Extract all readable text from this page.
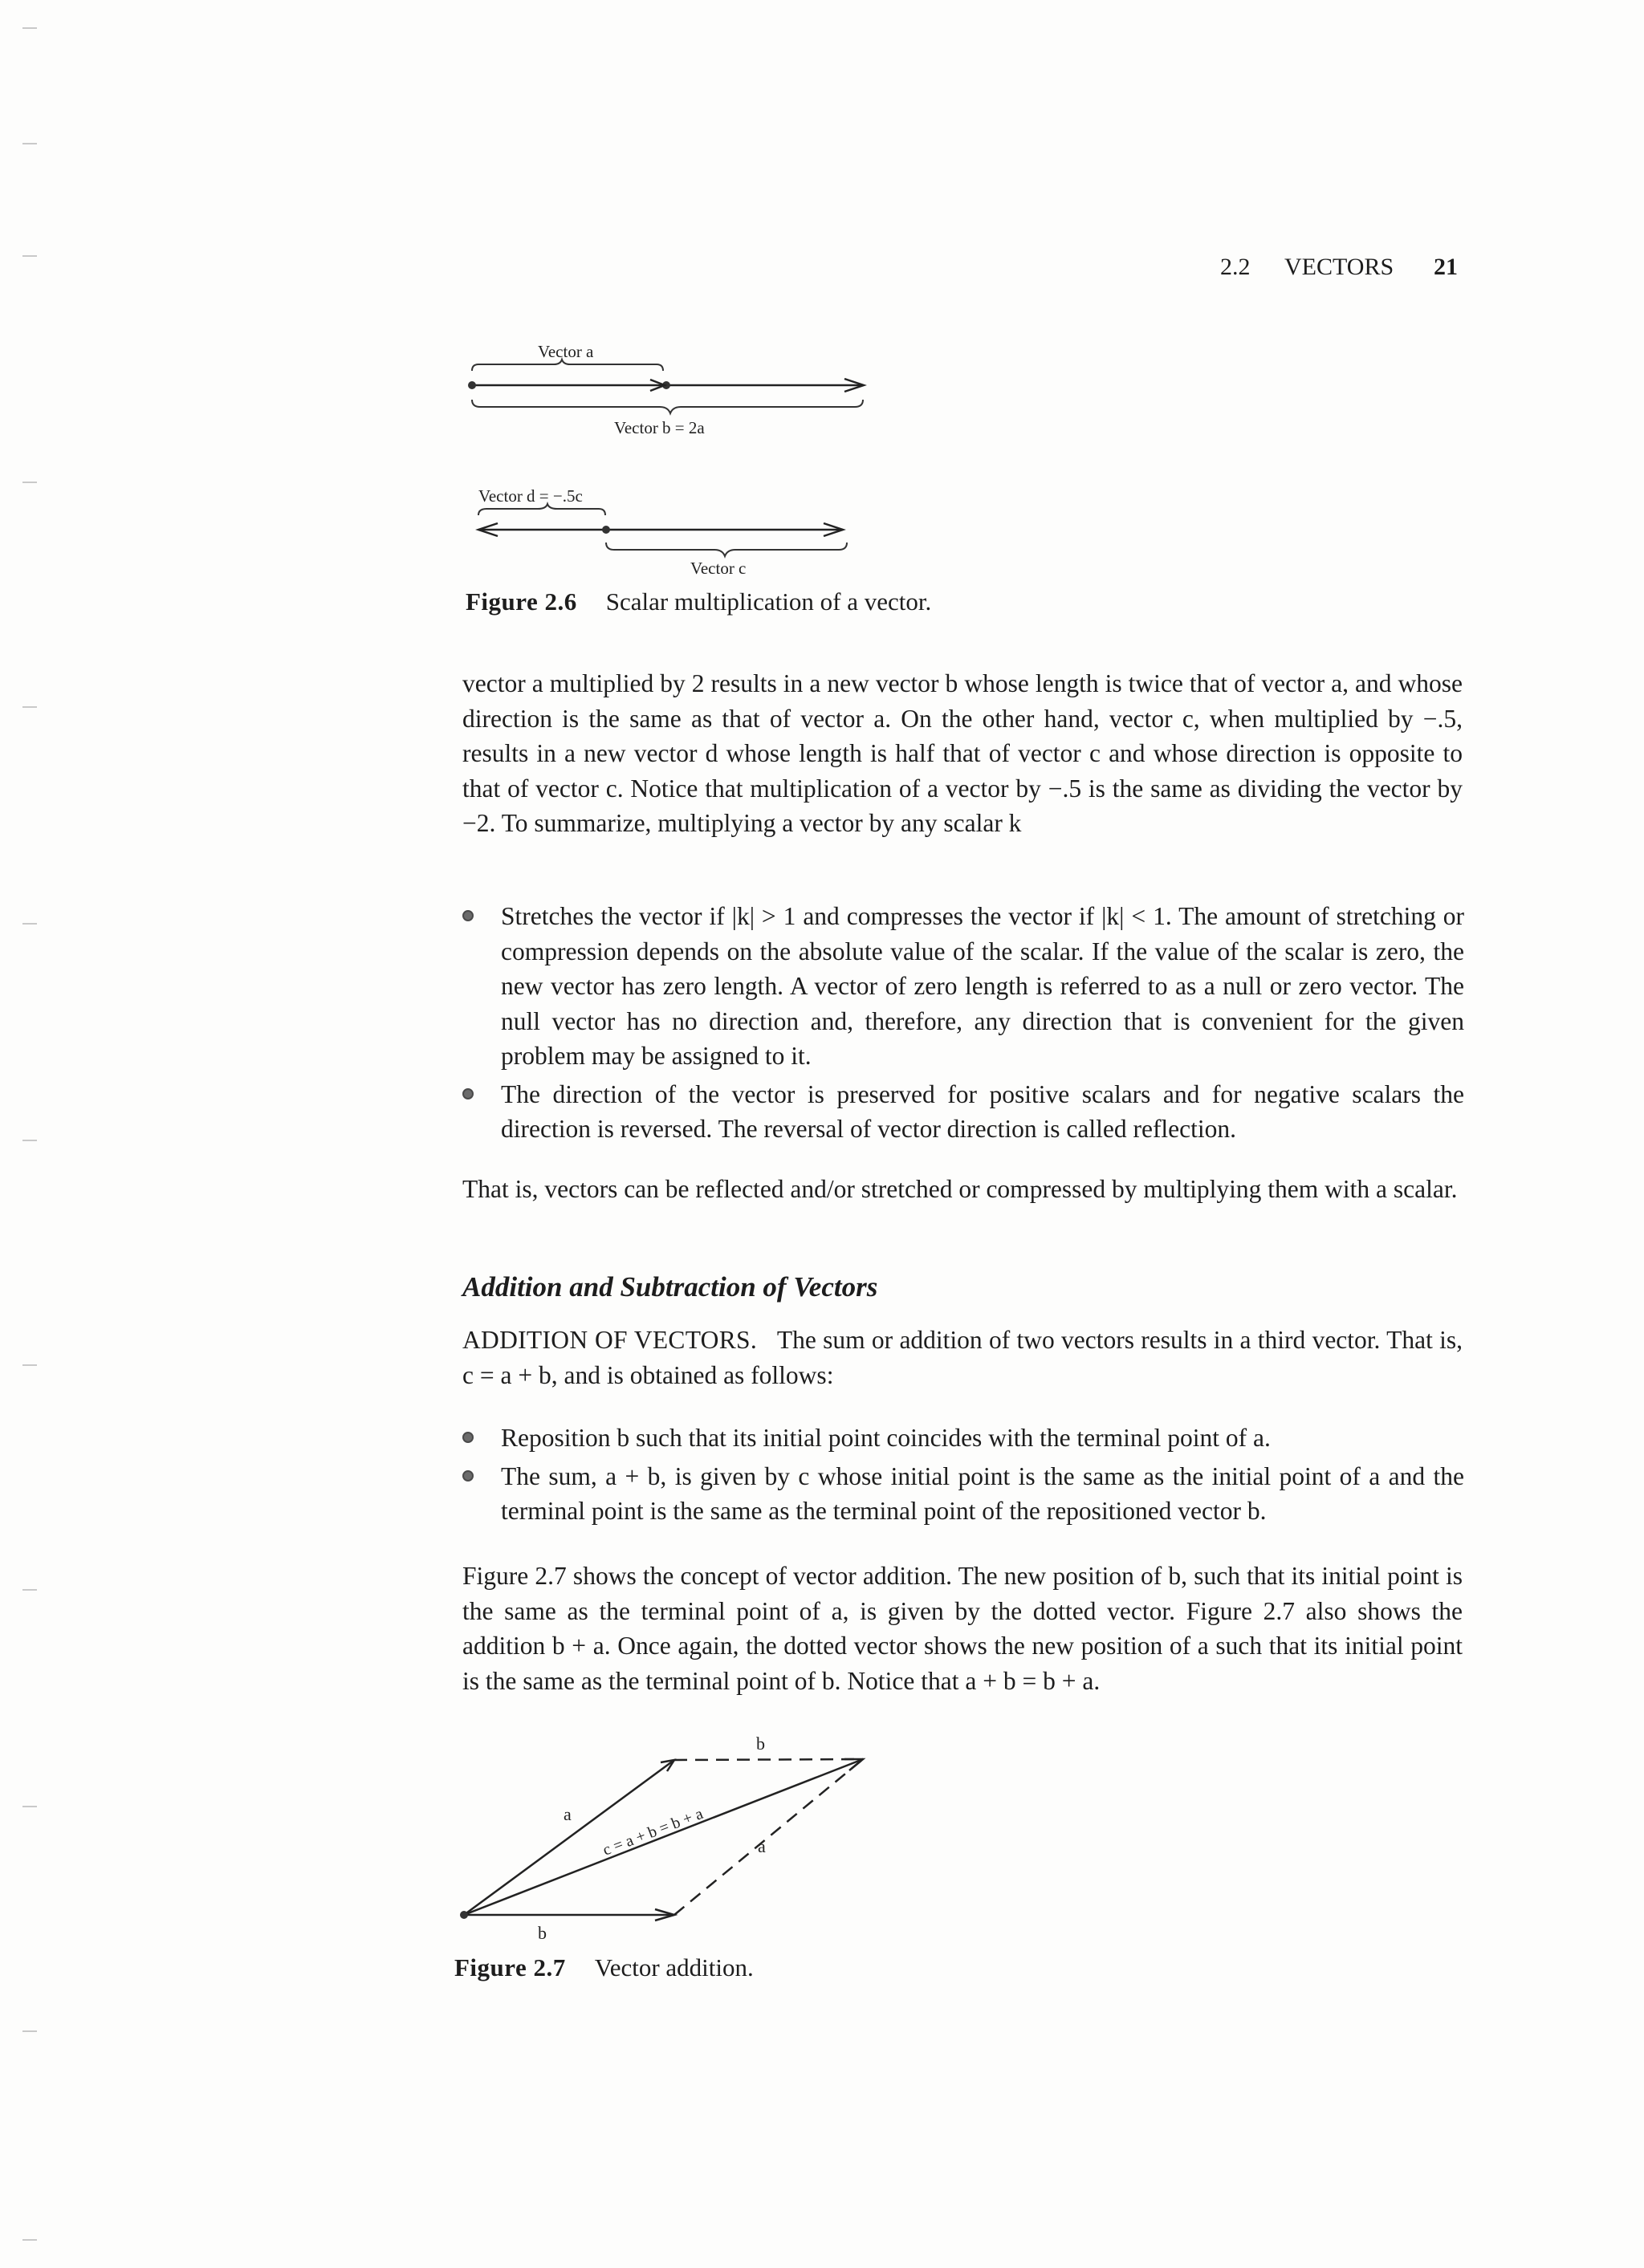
2.2 VECTORS 21
Vector a
Vector b = 2a
Vector d = −.5c
Vector c
Figure 2.6 Scalar multiplication of a vector.

vector a multiplied by 2 results in a new vector b whose length is twice that of vector a, and whose direction is the same as that of vector a. On the other hand, vector c, when multiplied by −.5, results in a new vector d whose length is half that of vector c and whose direction is opposite to that of vector c. Notice that multiplication of a vector by −.5 is the same as dividing the vector by −2. To summarize, multiplying a vector by any scalar k

Stretches the vector if |k| > 1 and compresses the vector if |k| < 1. The amount of stretching or compression depends on the absolute value of the scalar. If the value of the scalar is zero, the new vector has zero length. A vector of zero length is referred to as a null or zero vector. The null vector has no direction and, therefore, any direction that is convenient for the given problem may be assigned to it.
The direction of the vector is preserved for positive scalars and for negative scalars the direction is reversed. The reversal of vector direction is called reflection.

That is, vectors can be reflected and/or stretched or compressed by multiplying them with a scalar.

Addition and Subtraction of Vectors

ADDITION OF VECTORS. The sum or addition of two vectors results in a third vector. That is, c = a + b, and is obtained as follows:

Reposition b such that its initial point coincides with the terminal point of a.
The sum, a + b, is given by c whose initial point is the same as the initial point of a and the terminal point is the same as the terminal point of the repositioned vector b.

Figure 2.7 shows the concept of vector addition. The new position of b, such that its initial point is the same as the terminal point of a, is given by the dotted vector. Figure 2.7 also shows the addition b + a. Once again, the dotted vector shows the new position of a such that its initial point is the same as the terminal point of b. Notice that a + b = b + a.

a
b
a
b
c = a + b = b + a
Figure 2.7 Vector addition.
